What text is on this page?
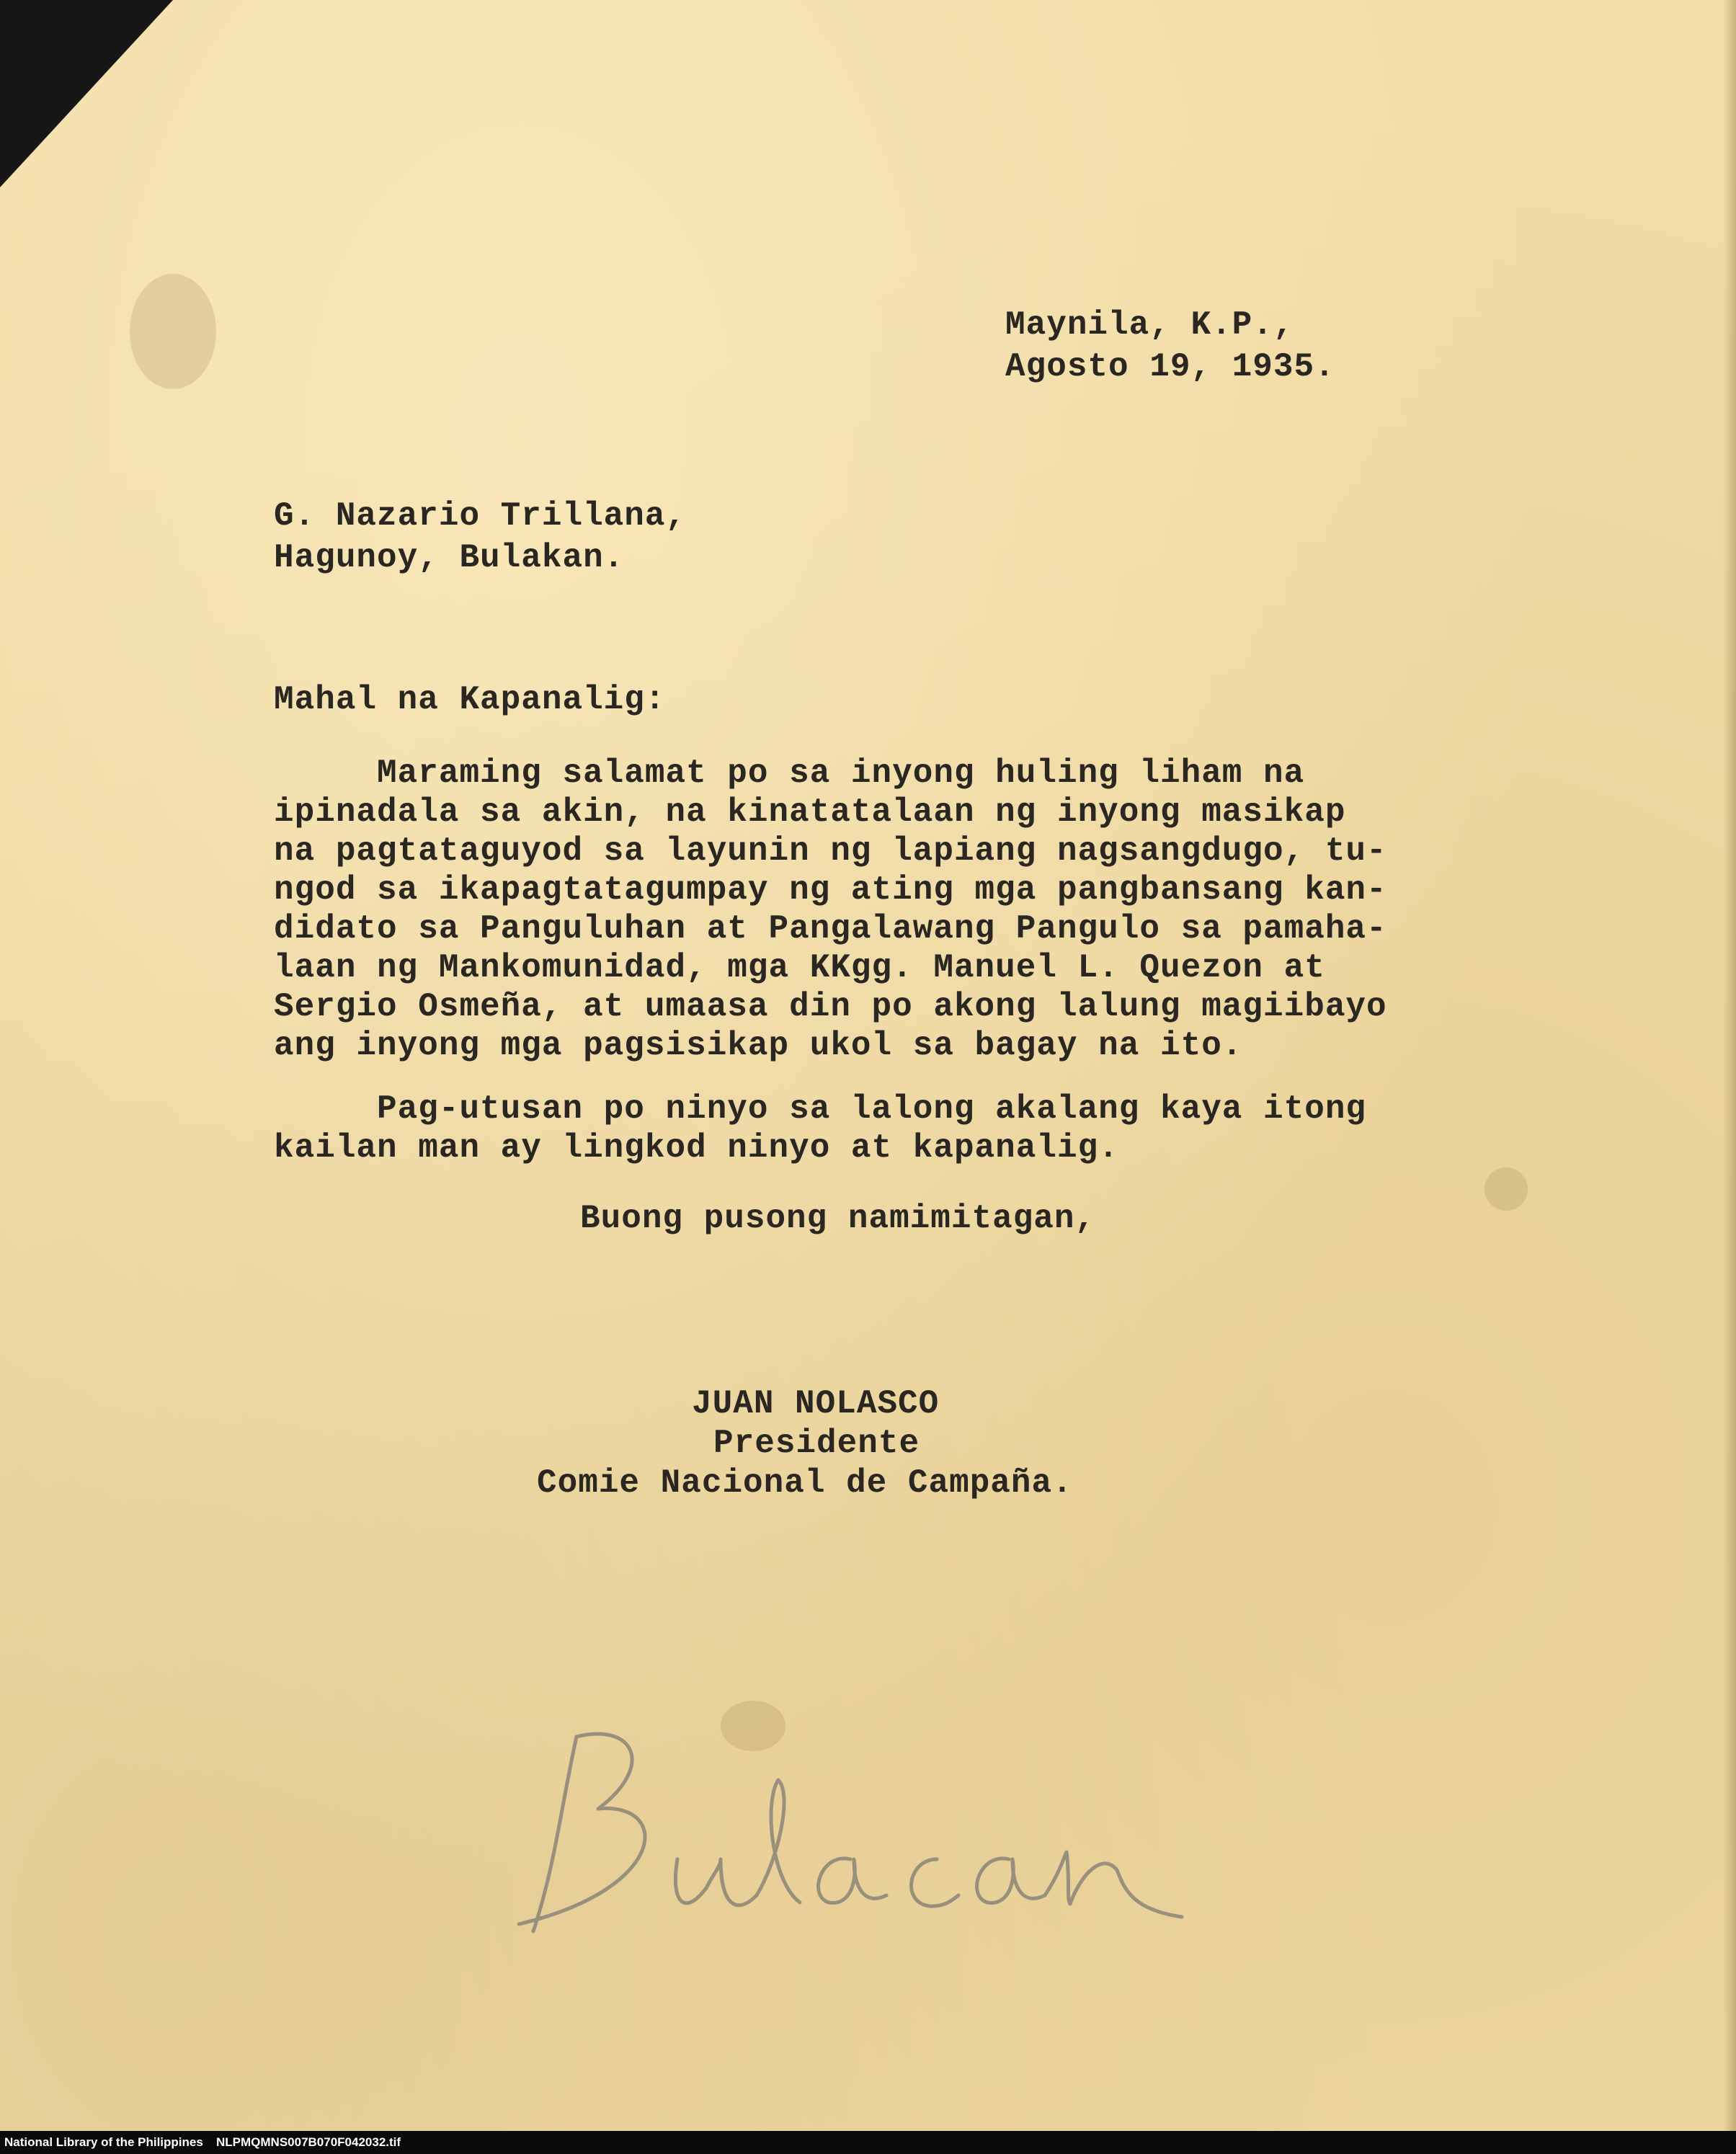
Maynila, K.P.,
Agosto 19, 1935.
G. Nazario Trillana,
Hagunoy, Bulakan.
Mahal na Kapanalig:
Maraming salamat po sa inyong huling liham na
ipinadala sa akin, na kinatatalaan ng inyong masikap
na pagtataguyod sa layunin ng lapiang nagsangdugo, tu-
ngod sa ikapagtatagumpay ng ating mga pangbansang kan-
didato sa Panguluhan at Pangalawang Pangulo sa pamaha-
laan ng Mankomunidad, mga KKgg. Manuel L. Quezon at
Sergio Osmeña, at umaasa din po akong lalung magiibayo
ang inyong mga pagsisikap ukol sa bagay na ito.
Pag-utusan po ninyo sa lalong akalang kaya itong
kailan man ay lingkod ninyo at kapanalig.
Buong pusong namimitagan,
JUAN NOLASCO
Presidente
Comie Nacional de Campaña.
National Library of the Philippines NLPMQMNS007B070F042032.tif
